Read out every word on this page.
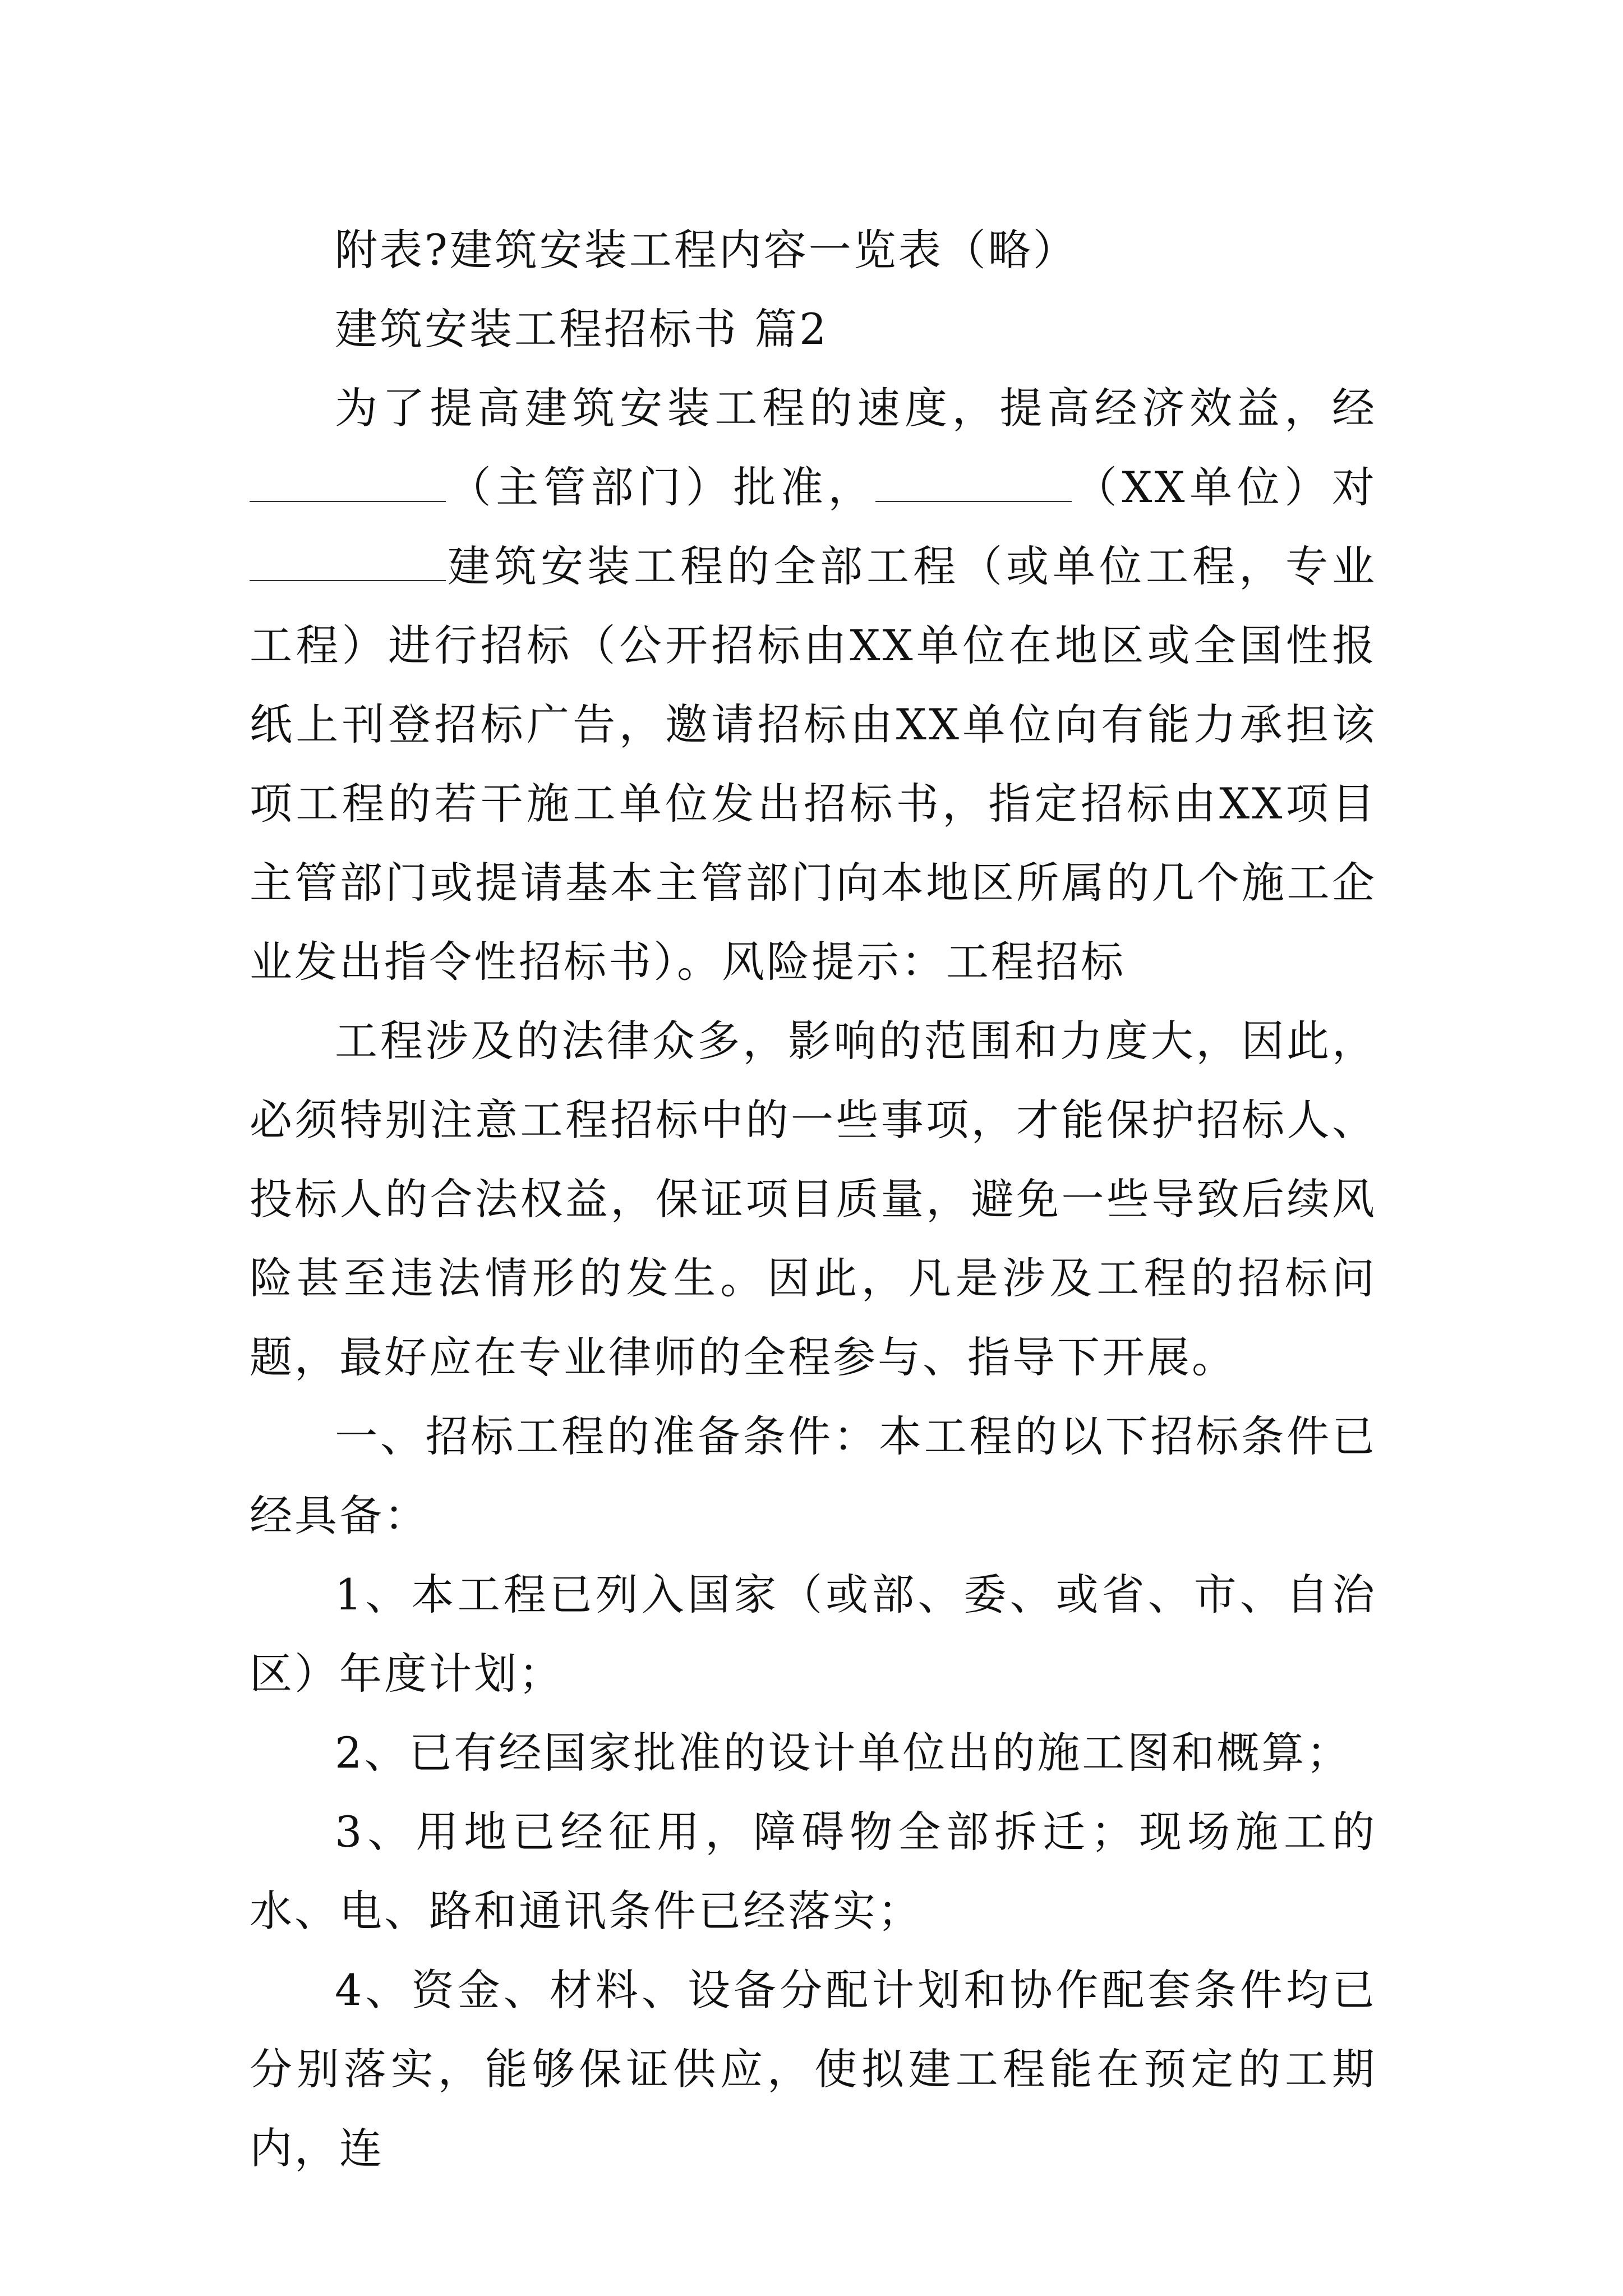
附表?建筑安装工程内容一览表（略）

建筑安装工程招标书 篇2

为了提高建筑安装工程的速度，提高经济效益，经（主管部门）批准，	（XX单位）对建筑安装工程的全部工程（或单位工程，专业工程）进行招标（公开招标由XX单位在地区或全国性报纸上刊登招标广告，邀请招标由XX单位向有能力承担该项工程的若干施工单位发出招标书，指定招标由XX项目主管部门或提请基本主管部门向本地区所属的几个施工企业发出指令性招标书）。风险提示：工程招标

工程涉及的法律众多，影响的范围和力度大，因此，必须特别注意工程招标中的一些事项，才能保护招标人、投标人的合法权益，保证项目质量，避免一些导致后续风险甚至违法情形的发生。因此，凡是涉及工程的招标问题，最好应在专业律师的全程参与、指导下开展。

一、招标工程的准备条件：本工程的以下招标条件已经具备：

1、本工程已列入国家（或部、委、或省、市、自治区）年度计划；

2、已有经国家批准的设计单位出的施工图和概算；

3、用地已经征用，障碍物全部拆迁；现场施工的水、电、路和通讯条件已经落实；

4、资金、材料、设备分配计划和协作配套条件均已分别落实，能够保证供应，使拟建工程能在预定的工期内，连
